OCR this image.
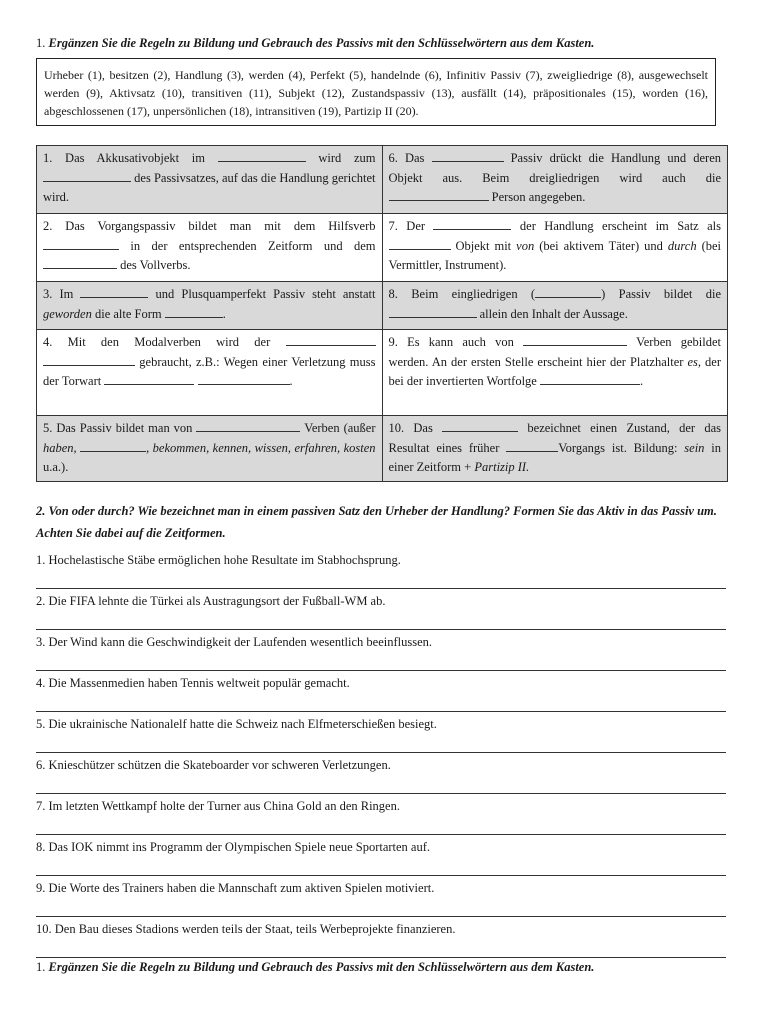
1. Ergänzen Sie die Regeln zu Bildung und Gebrauch des Passivs mit den Schlüsselwörtern aus dem Kasten.
Urheber (1), besitzen (2), Handlung (3), werden (4), Perfekt (5), handelnde (6), Infinitiv Passiv (7), zweigliedrige (8), ausgewechselt werden (9), Aktivsatz (10), transitiven (11), Subjekt (12), Zustandspassiv (13), ausfällt (14), präpositionales (15), worden (16), abgeschlossenen (17), unpersönlichen (18), intransitiven (19), Partizip II (20).
1. Das Akkusativobjekt im wird zum  des Passivsatzes, auf das die Handlung gerichtet wird.	6. Das Passiv drückt die Handlung und deren Objekt aus. Beim dreigliedrigen wird auch die  Person angegeben.
2. Das Vorgangspassiv bildet man mit dem Hilfsverb  in der entsprechenden Zeitform und dem  des Vollverbs.	7. Der der Handlung erscheint im Satz als  Objekt mit von (bei aktivem Täter) und durch (bei Vermittler, Instrument).
3. Im und Plusquamperfekt Passiv steht anstatt geworden die alte Form .	8. Beim eingliedrigen ( ) Passiv bildet die  allein den Inhalt der Aussage.
4. Mit den Modalverben wird der   gebraucht, z.B.: Wegen einer Verletzung muss der Torwart .	9. Es kann auch von Verben gebildet werden. An der ersten Stelle erscheint hier der Platzhalter es, der bei der invertierten Wortfolge .
5. Das Passiv bildet man von Verben (außer haben, , bekommen, kennen, wissen, erfahren, kosten u.a.).	10. Das bezeichnet einen Zustand, der das Resultat eines früher Vorgangs ist. Bildung: sein in einer Zeitform + Partizip II.
2. Von oder durch? Wie bezeichnet man in einem passiven Satz den Urheber der Handlung? Formen Sie das Aktiv in das Passiv um. Achten Sie dabei auf die Zeitformen.
1. Hochelastische Stäbe ermöglichen hohe Resultate im Stabhochsprung.
2. Die FIFA lehnte die Türkei als Austragungsort der Fußball-WM ab.
3. Der Wind kann die Geschwindigkeit der Laufenden wesentlich beeinflussen.
4. Die Massenmedien haben Tennis weltweit populär gemacht.
5. Die ukrainische Nationalelf hatte die Schweiz nach Elfmeterschießen besiegt.
6. Knieschützer schützen die Skateboarder vor schweren Verletzungen.
7. Im letzten Wettkampf holte der Turner aus China Gold an den Ringen.
8. Das IOK nimmt ins Programm der Olympischen Spiele neue Sportarten auf.
9. Die Worte des Trainers haben die Mannschaft zum aktiven Spielen motiviert.
10. Den Bau dieses Stadions werden teils der Staat, teils Werbeprojekte finanzieren.
1. Ergänzen Sie die Regeln zu Bildung und Gebrauch des Passivs mit den Schlüsselwörtern aus dem Kasten.
